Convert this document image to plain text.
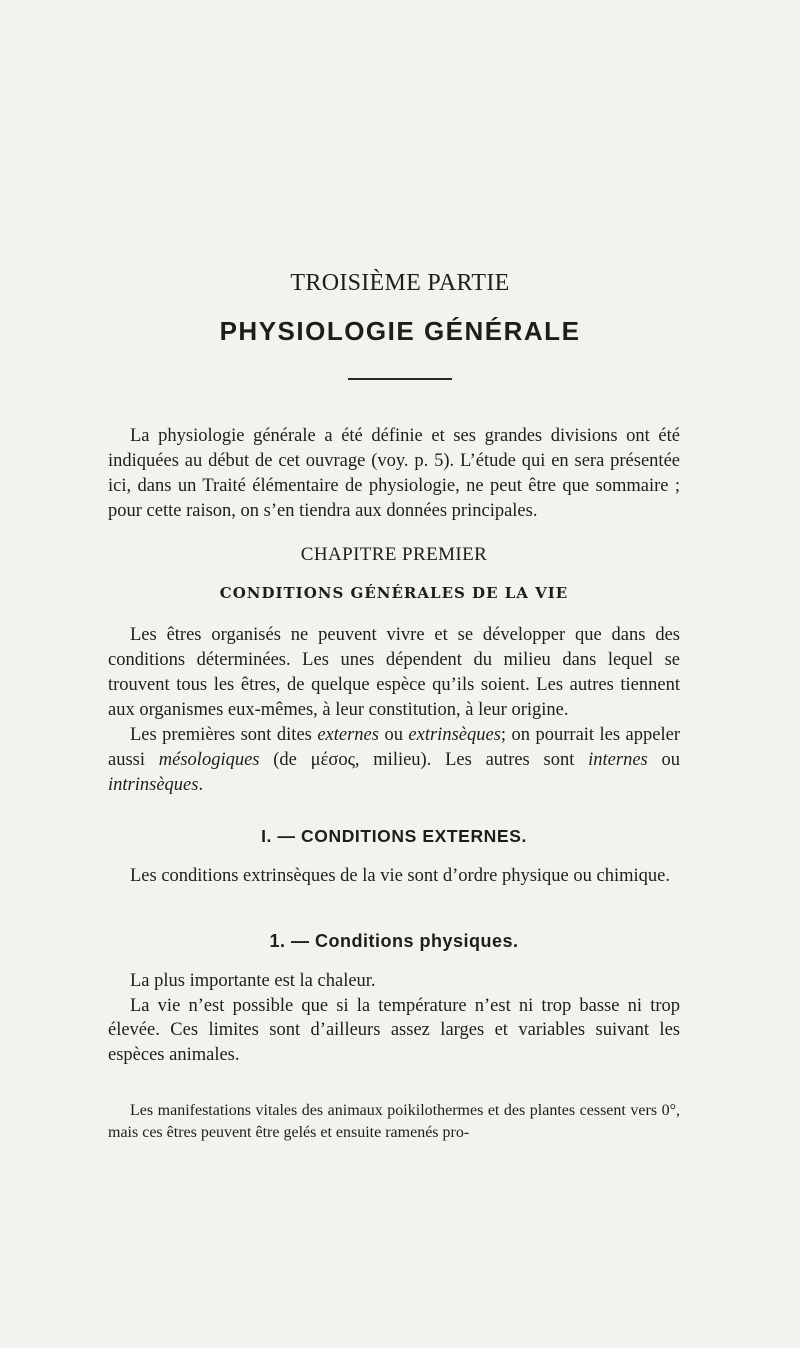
TROISIÈME PARTIE
PHYSIOLOGIE GÉNÉRALE

La physiologie générale a été définie et ses grandes divisions ont été indiquées au début de cet ouvrage (voy. p. 5). L’étude qui en sera présentée ici, dans un Traité élémentaire de physiologie, ne peut être que sommaire ; pour cette raison, on s’en tiendra aux données principales.

CHAPITRE PREMIER

CONDITIONS GÉNÉRALES DE LA VIE

Les êtres organisés ne peuvent vivre et se développer que dans des conditions déterminées. Les unes dépendent du milieu dans lequel se trouvent tous les êtres, de quelque espèce qu’ils soient. Les autres tiennent aux organismes eux-mêmes, à leur constitution, à leur origine.

Les premières sont dites externes ou extrinsèques; on pourrait les appeler aussi mésologiques (de μέσος, milieu). Les autres sont internes ou intrinsèques.

I. — CONDITIONS EXTERNES.

Les conditions extrinsèques de la vie sont d’ordre physique ou chimique.

1. — Conditions physiques.

La plus importante est la chaleur.

La vie n’est possible que si la température n’est ni trop basse ni trop élevée. Ces limites sont d’ailleurs assez larges et variables suivant les espèces animales.

Les manifestations vitales des animaux poikilothermes et des plantes cessent vers 0°, mais ces êtres peuvent être gelés et ensuite ramenés pro-
